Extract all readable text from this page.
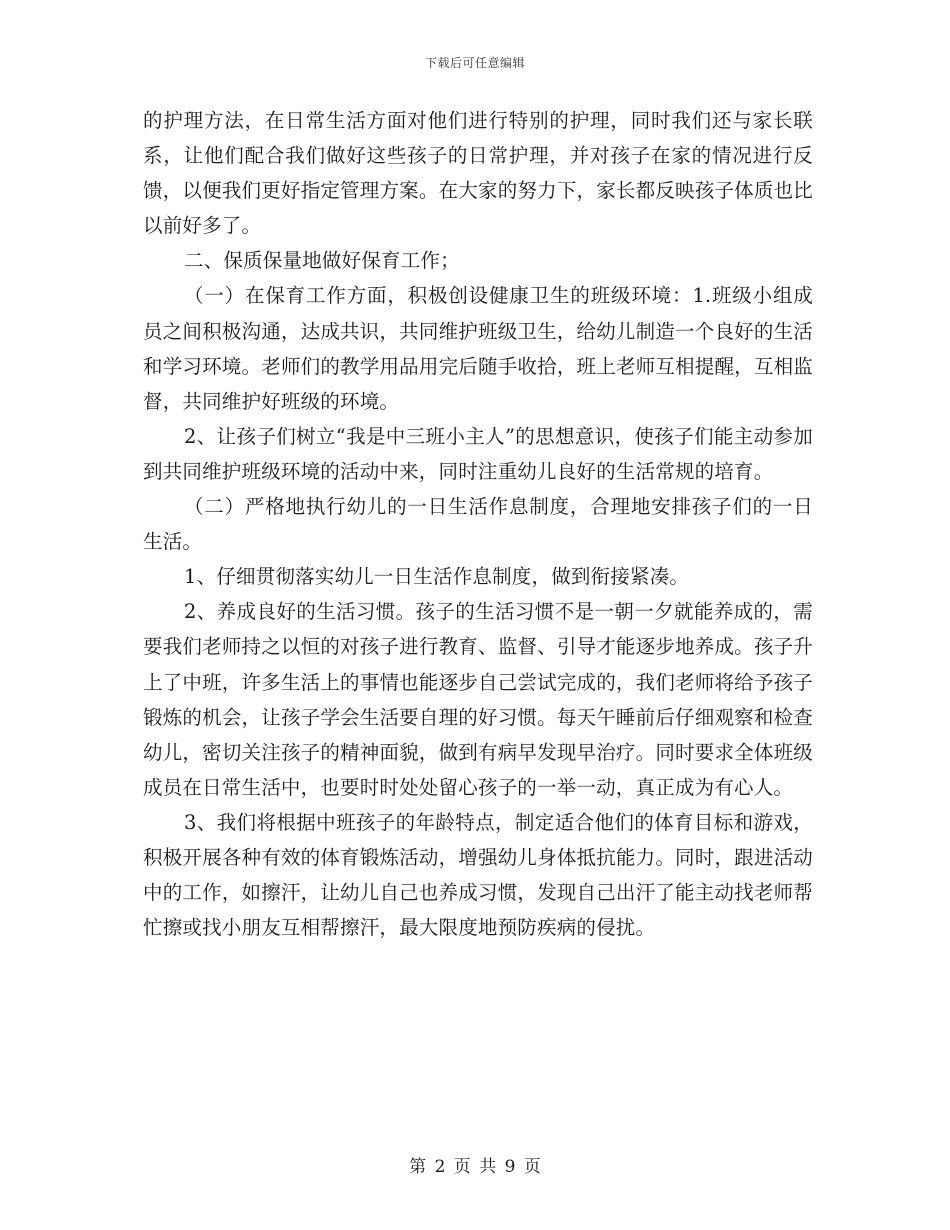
下载后可任意编辑

的护理方法，在日常生活方面对他们进行特别的护理，同时我们还与家长联系，让他们配合我们做好这些孩子的日常护理，并对孩子在家的情况进行反馈，以便我们更好指定管理方案。在大家的努力下，家长都反映孩子体质也比以前好多了。

二、保质保量地做好保育工作；

（一）在保育工作方面，积极创设健康卫生的班级环境：1.班级小组成员之间积极沟通，达成共识，共同维护班级卫生，给幼儿制造一个良好的生活和学习环境。老师们的教学用品用完后随手收拾，班上老师互相提醒，互相监督，共同维护好班级的环境。

2、让孩子们树立“我是中三班小主人”的思想意识，使孩子们能主动参加到共同维护班级环境的活动中来，同时注重幼儿良好的生活常规的培育。

（二）严格地执行幼儿的一日生活作息制度，合理地安排孩子们的一日生活。

1、仔细贯彻落实幼儿一日生活作息制度，做到衔接紧凑。

2、养成良好的生活习惯。孩子的生活习惯不是一朝一夕就能养成的，需要我们老师持之以恒的对孩子进行教育、监督、引导才能逐步地养成。孩子升上了中班，许多生活上的事情也能逐步自己尝试完成的，我们老师将给予孩子锻炼的机会，让孩子学会生活要自理的好习惯。每天午睡前后仔细观察和检查幼儿，密切关注孩子的精神面貌，做到有病早发现早治疗。同时要求全体班级成员在日常生活中，也要时时处处留心孩子的一举一动，真正成为有心人。

3、我们将根据中班孩子的年龄特点，制定适合他们的体育目标和游戏，积极开展各种有效的体育锻炼活动，增强幼儿身体抵抗能力。同时，跟进活动中的工作，如擦汗，让幼儿自己也养成习惯，发现自己出汗了能主动找老师帮忙擦或找小朋友互相帮擦汗，最大限度地预防疾病的侵扰。

第 2 页 共 9 页
